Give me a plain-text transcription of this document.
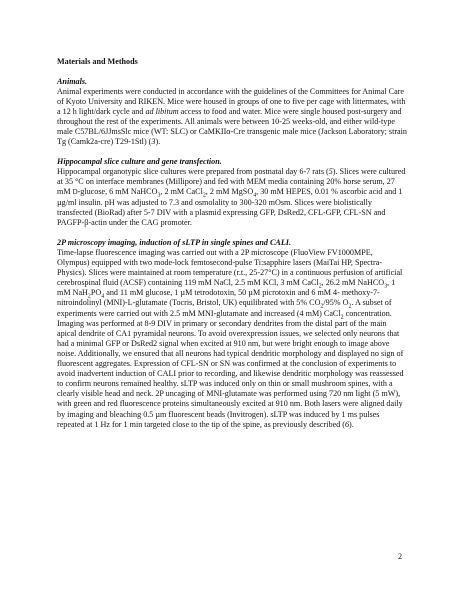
Materials and Methods

Animals.

Animal experiments were conducted in accordance with the guidelines of the Committees for Animal Care of Kyoto University and RIKEN. Mice were housed in groups of one to five per cage with littermates, with a 12 h light/dark cycle and ad libitum access to food and water. Mice were single housed post-surgery and throughout the rest of the experiments. All animals were between 10-25 weeks-old, and either wild-type male C57BL/6JJmsSlc mice (WT: SLC) or CaMKIIα-Cre transgenic male mice (Jackson Laboratory; strain Tg (Camk2a-cre) T29-1Stl) (3).

Hippocampal slice culture and gene transfection.

Hippocampal organotypic slice cultures were prepared from postnatal day 6-7 rats (5). Slices were cultured at 35 °C on interface membranes (Millipore) and fed with MEM media containing 20% horse serum, 27 mM D-glucose, 6 mM NaHCO$_3$, 2 mM CaCl$_2$, 2 mM MgSO$_4$, 30 mM HEPES, 0.01 % ascorbic acid and 1 µg/ml insulin. pH was adjusted to 7.3 and osmolality to 300-320 mOsm. Slices were biolistically transfected (BioRad) after 5-7 DIV with a plasmid expressing GFP, DsRed2, CFL-GFP, CFL-SN and PAGFP-β-actin under the CAG promoter.

2P microscopy imaging, induction of sLTP in single spines and CALI.

Time-lapse fluorescence imaging was carried out with a 2P microscope (FluoView FV1000MPE, Olympus) equipped with two mode-lock femtosecond-pulse Ti:sapphire lasers (MaiTai HP, Spectra-Physics). Slices were maintained at room temperature (r.t., 25-27°C) in a continuous perfusion of artificial cerebrospinal fluid (ACSF) containing 119 mM NaCl, 2.5 mM KCl, 3 mM CaCl$_2$, 26.2 mM NaHCO$_3$, 1 mM $NaH_2PO_4$ and 11 mM glucose, 1 µM tetrodotoxin, 50 µM picrotoxin and 6 mM 4- methoxy-7-nitroindolinyl (MNI)-L-glutamate (Tocris, Bristol, UK) equilibrated with 5% $CO_2/95\%$ $O_2$. A subset of experiments were carried out with 2.5 mM MNI-glutamate and increased (4 mM) CaCl$_2$ concentration. Imaging was performed at 8-9 DIV in primary or secondary dendrites from the distal part of the main apical dendrite of CA1 pyramidal neurons. To avoid overexpression issues, we selected only neurons that had a minimal GFP or DsRed2 signal when excited at 910 nm, but were bright enough to image above noise. Additionally, we ensured that all neurons had typical dendritic morphology and displayed no sign of fluorescent aggregates. Expression of CFL-SN or SN was confirmed at the conclusion of experiments to avoid inadvertent induction of CALI prior to recording, and likewise dendritic morphology was reassessed to confirm neurons remained healthy. sLTP was induced only on thin or small mushroom spines, with a clearly visible head and neck. 2P uncaging of MNI-glutamate was performed using 720 nm light (5 mW), with green and red fluorescence proteins simultaneously excited at 910 nm. Both lasers were aligned daily by imaging and bleaching 0.5 µm fluorescent beads (Invitrogen). sLTP was induced by 1 ms pulses repeated at 1 Hz for 1 min targeted close to the tip of the spine, as previously described (6).

2
